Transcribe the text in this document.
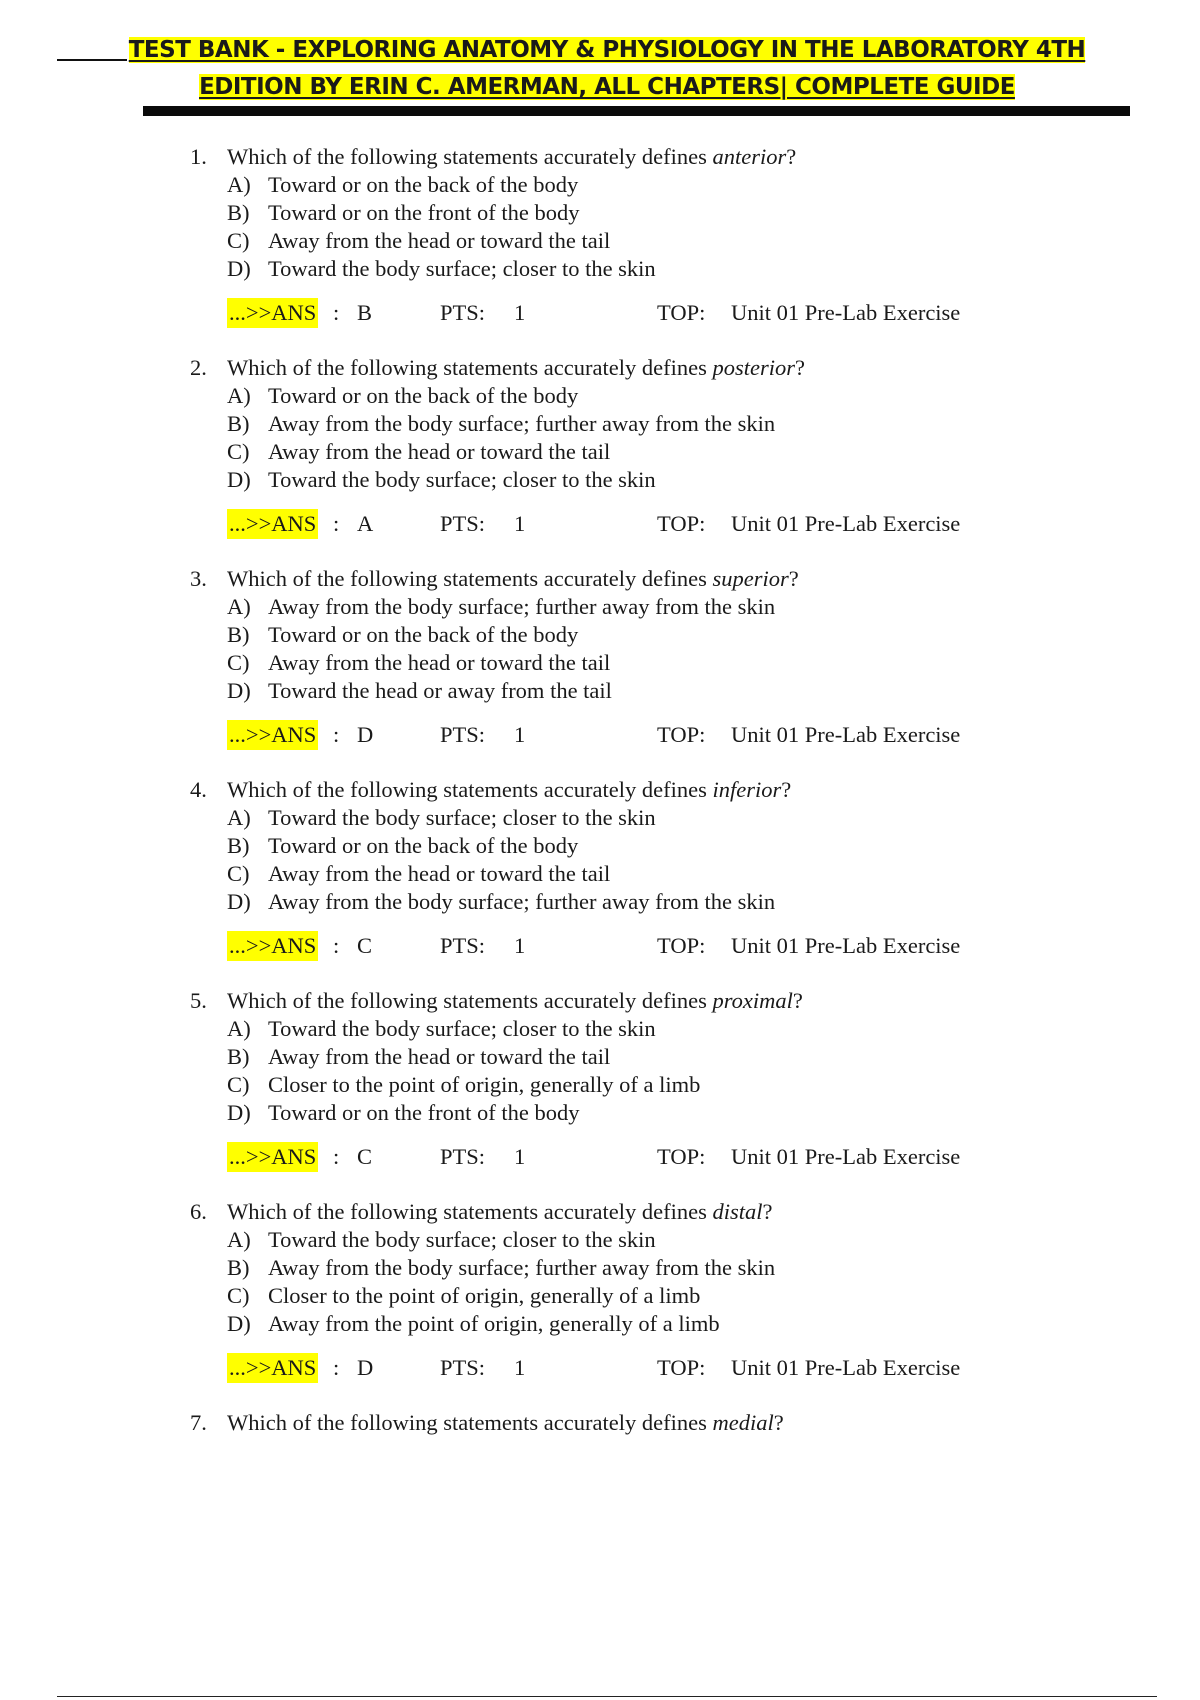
TEST BANK - EXPLORING ANATOMY & PHYSIOLOGY IN THE LABORATORY 4TH
EDITION BY ERIN C. AMERMAN, ALL CHAPTERS| COMPLETE GUIDE
1. Which of the following statements accurately defines anterior?
A) Toward or on the back of the body
B) Toward or on the front of the body
C) Away from the head or toward the tail
D) Toward the body surface; closer to the skin
...>>ANS : B	PTS: 1	TOP: Unit 01 Pre-Lab Exercise
2. Which of the following statements accurately defines posterior?
A) Toward or on the back of the body
B) Away from the body surface; further away from the skin
C) Away from the head or toward the tail
D) Toward the body surface; closer to the skin
...>>ANS : A	PTS: 1	TOP: Unit 01 Pre-Lab Exercise
3. Which of the following statements accurately defines superior?
A) Away from the body surface; further away from the skin
B) Toward or on the back of the body
C) Away from the head or toward the tail
D) Toward the head or away from the tail
...>>ANS : D	PTS: 1	TOP: Unit 01 Pre-Lab Exercise
4. Which of the following statements accurately defines inferior?
A) Toward the body surface; closer to the skin
B) Toward or on the back of the body
C) Away from the head or toward the tail
D) Away from the body surface; further away from the skin
...>>ANS : C	PTS: 1	TOP: Unit 01 Pre-Lab Exercise
5. Which of the following statements accurately defines proximal?
A) Toward the body surface; closer to the skin
B) Away from the head or toward the tail
C) Closer to the point of origin, generally of a limb
D) Toward or on the front of the body
...>>ANS : C	PTS: 1	TOP: Unit 01 Pre-Lab Exercise
6. Which of the following statements accurately defines distal?
A) Toward the body surface; closer to the skin
B) Away from the body surface; further away from the skin
C) Closer to the point of origin, generally of a limb
D) Away from the point of origin, generally of a limb
...>>ANS : D	PTS: 1	TOP: Unit 01 Pre-Lab Exercise
7. Which of the following statements accurately defines medial?
